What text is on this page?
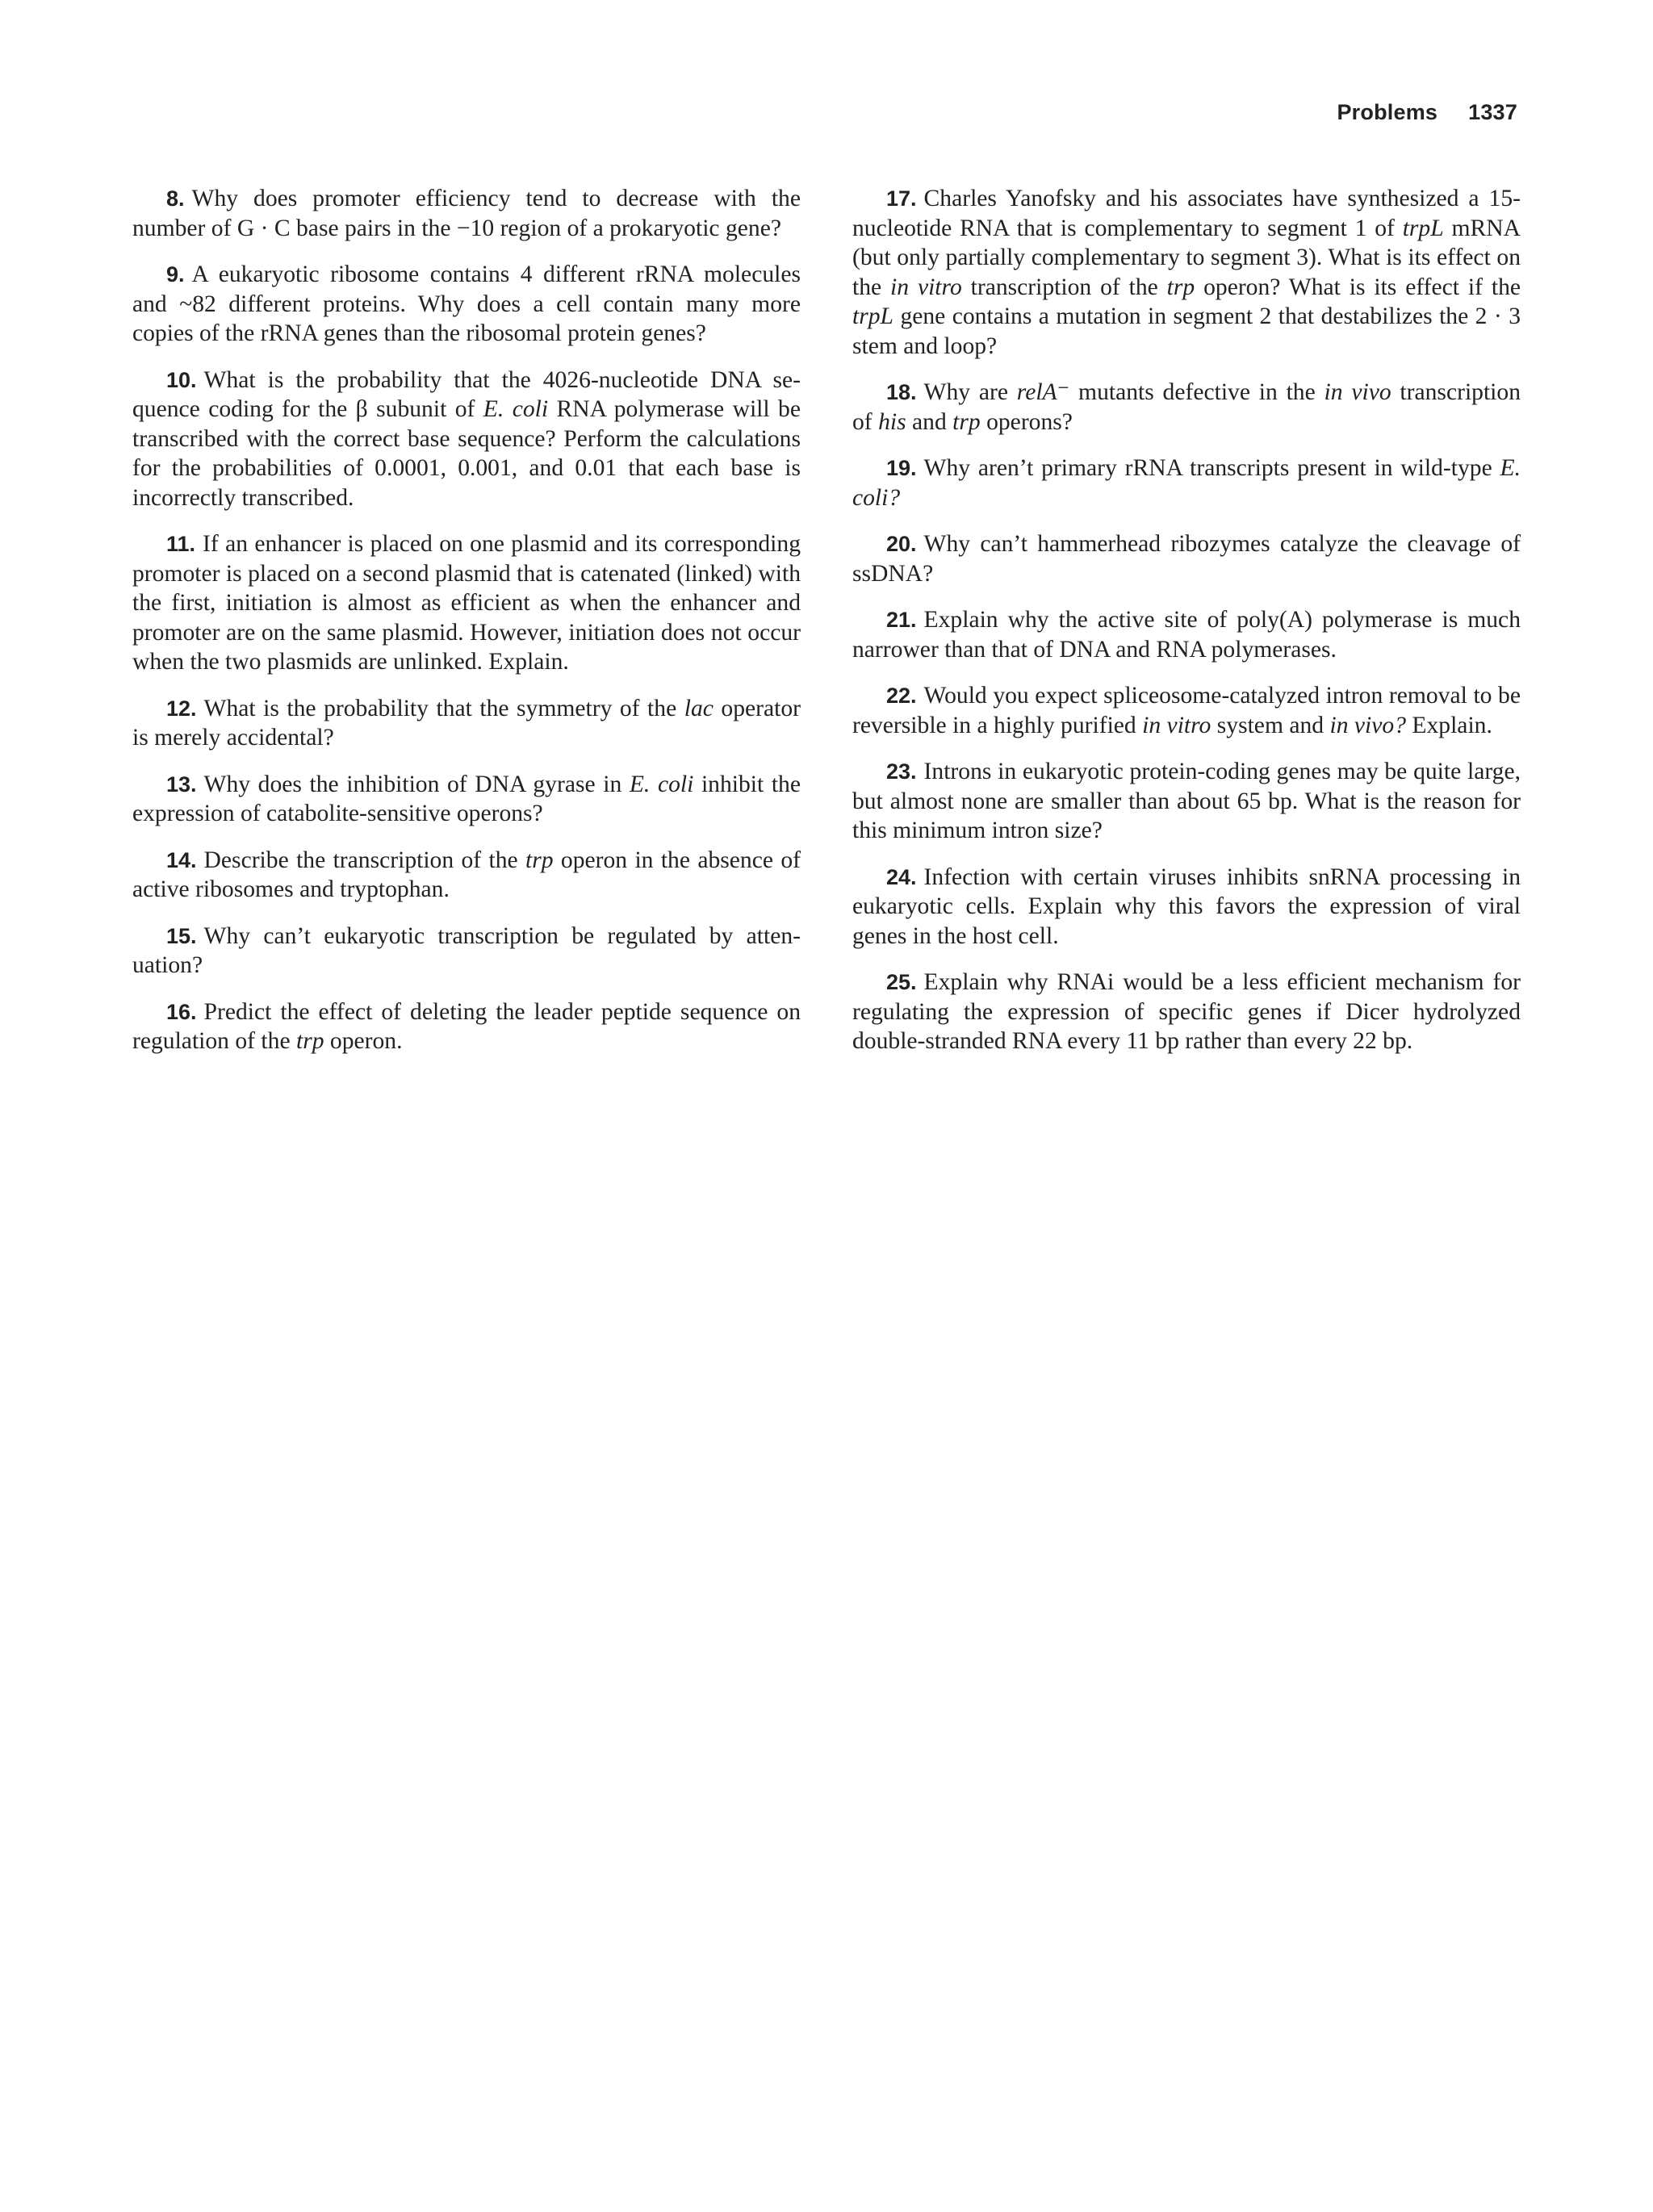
Problems 1337

8. Why does promoter efficiency tend to decrease with the number of G · C base pairs in the −10 region of a prokaryotic gene?

9. A eukaryotic ribosome contains 4 different rRNA molecules and ~82 different proteins. Why does a cell contain many more copies of the rRNA genes than the ribosomal protein genes?

10. What is the probability that the 4026-nucleotide DNA sequence coding for the β subunit of E. coli RNA polymerase will be transcribed with the correct base sequence? Perform the calculations for the probabilities of 0.0001, 0.001, and 0.01 that each base is incorrectly transcribed.

11. If an enhancer is placed on one plasmid and its corresponding promoter is placed on a second plasmid that is catenated (linked) with the first, initiation is almost as efficient as when the enhancer and promoter are on the same plasmid. However, initiation does not occur when the two plasmids are unlinked. Explain.

12. What is the probability that the symmetry of the lac operator is merely accidental?

13. Why does the inhibition of DNA gyrase in E. coli inhibit the expression of catabolite-sensitive operons?

14. Describe the transcription of the trp operon in the absence of active ribosomes and tryptophan.

15. Why can’t eukaryotic transcription be regulated by attenuation?

16. Predict the effect of deleting the leader peptide sequence on regulation of the trp operon.

17. Charles Yanofsky and his associates have synthesized a 15-nucleotide RNA that is complementary to segment 1 of trpL mRNA (but only partially complementary to segment 3). What is its effect on the in vitro transcription of the trp operon? What is its effect if the trpL gene contains a mutation in segment 2 that destabilizes the 2 · 3 stem and loop?

18. Why are relA⁻ mutants defective in the in vivo transcription of his and trp operons?

19. Why aren’t primary rRNA transcripts present in wild-type E. coli?

20. Why can’t hammerhead ribozymes catalyze the cleavage of ssDNA?

21. Explain why the active site of poly(A) polymerase is much narrower than that of DNA and RNA polymerases.

22. Would you expect spliceosome-catalyzed intron removal to be reversible in a highly purified in vitro system and in vivo? Explain.

23. Introns in eukaryotic protein-coding genes may be quite large, but almost none are smaller than about 65 bp. What is the reason for this minimum intron size?

24. Infection with certain viruses inhibits snRNA processing in eukaryotic cells. Explain why this favors the expression of viral genes in the host cell.

25. Explain why RNAi would be a less efficient mechanism for regulating the expression of specific genes if Dicer hydrolyzed double-stranded RNA every 11 bp rather than every 22 bp.
